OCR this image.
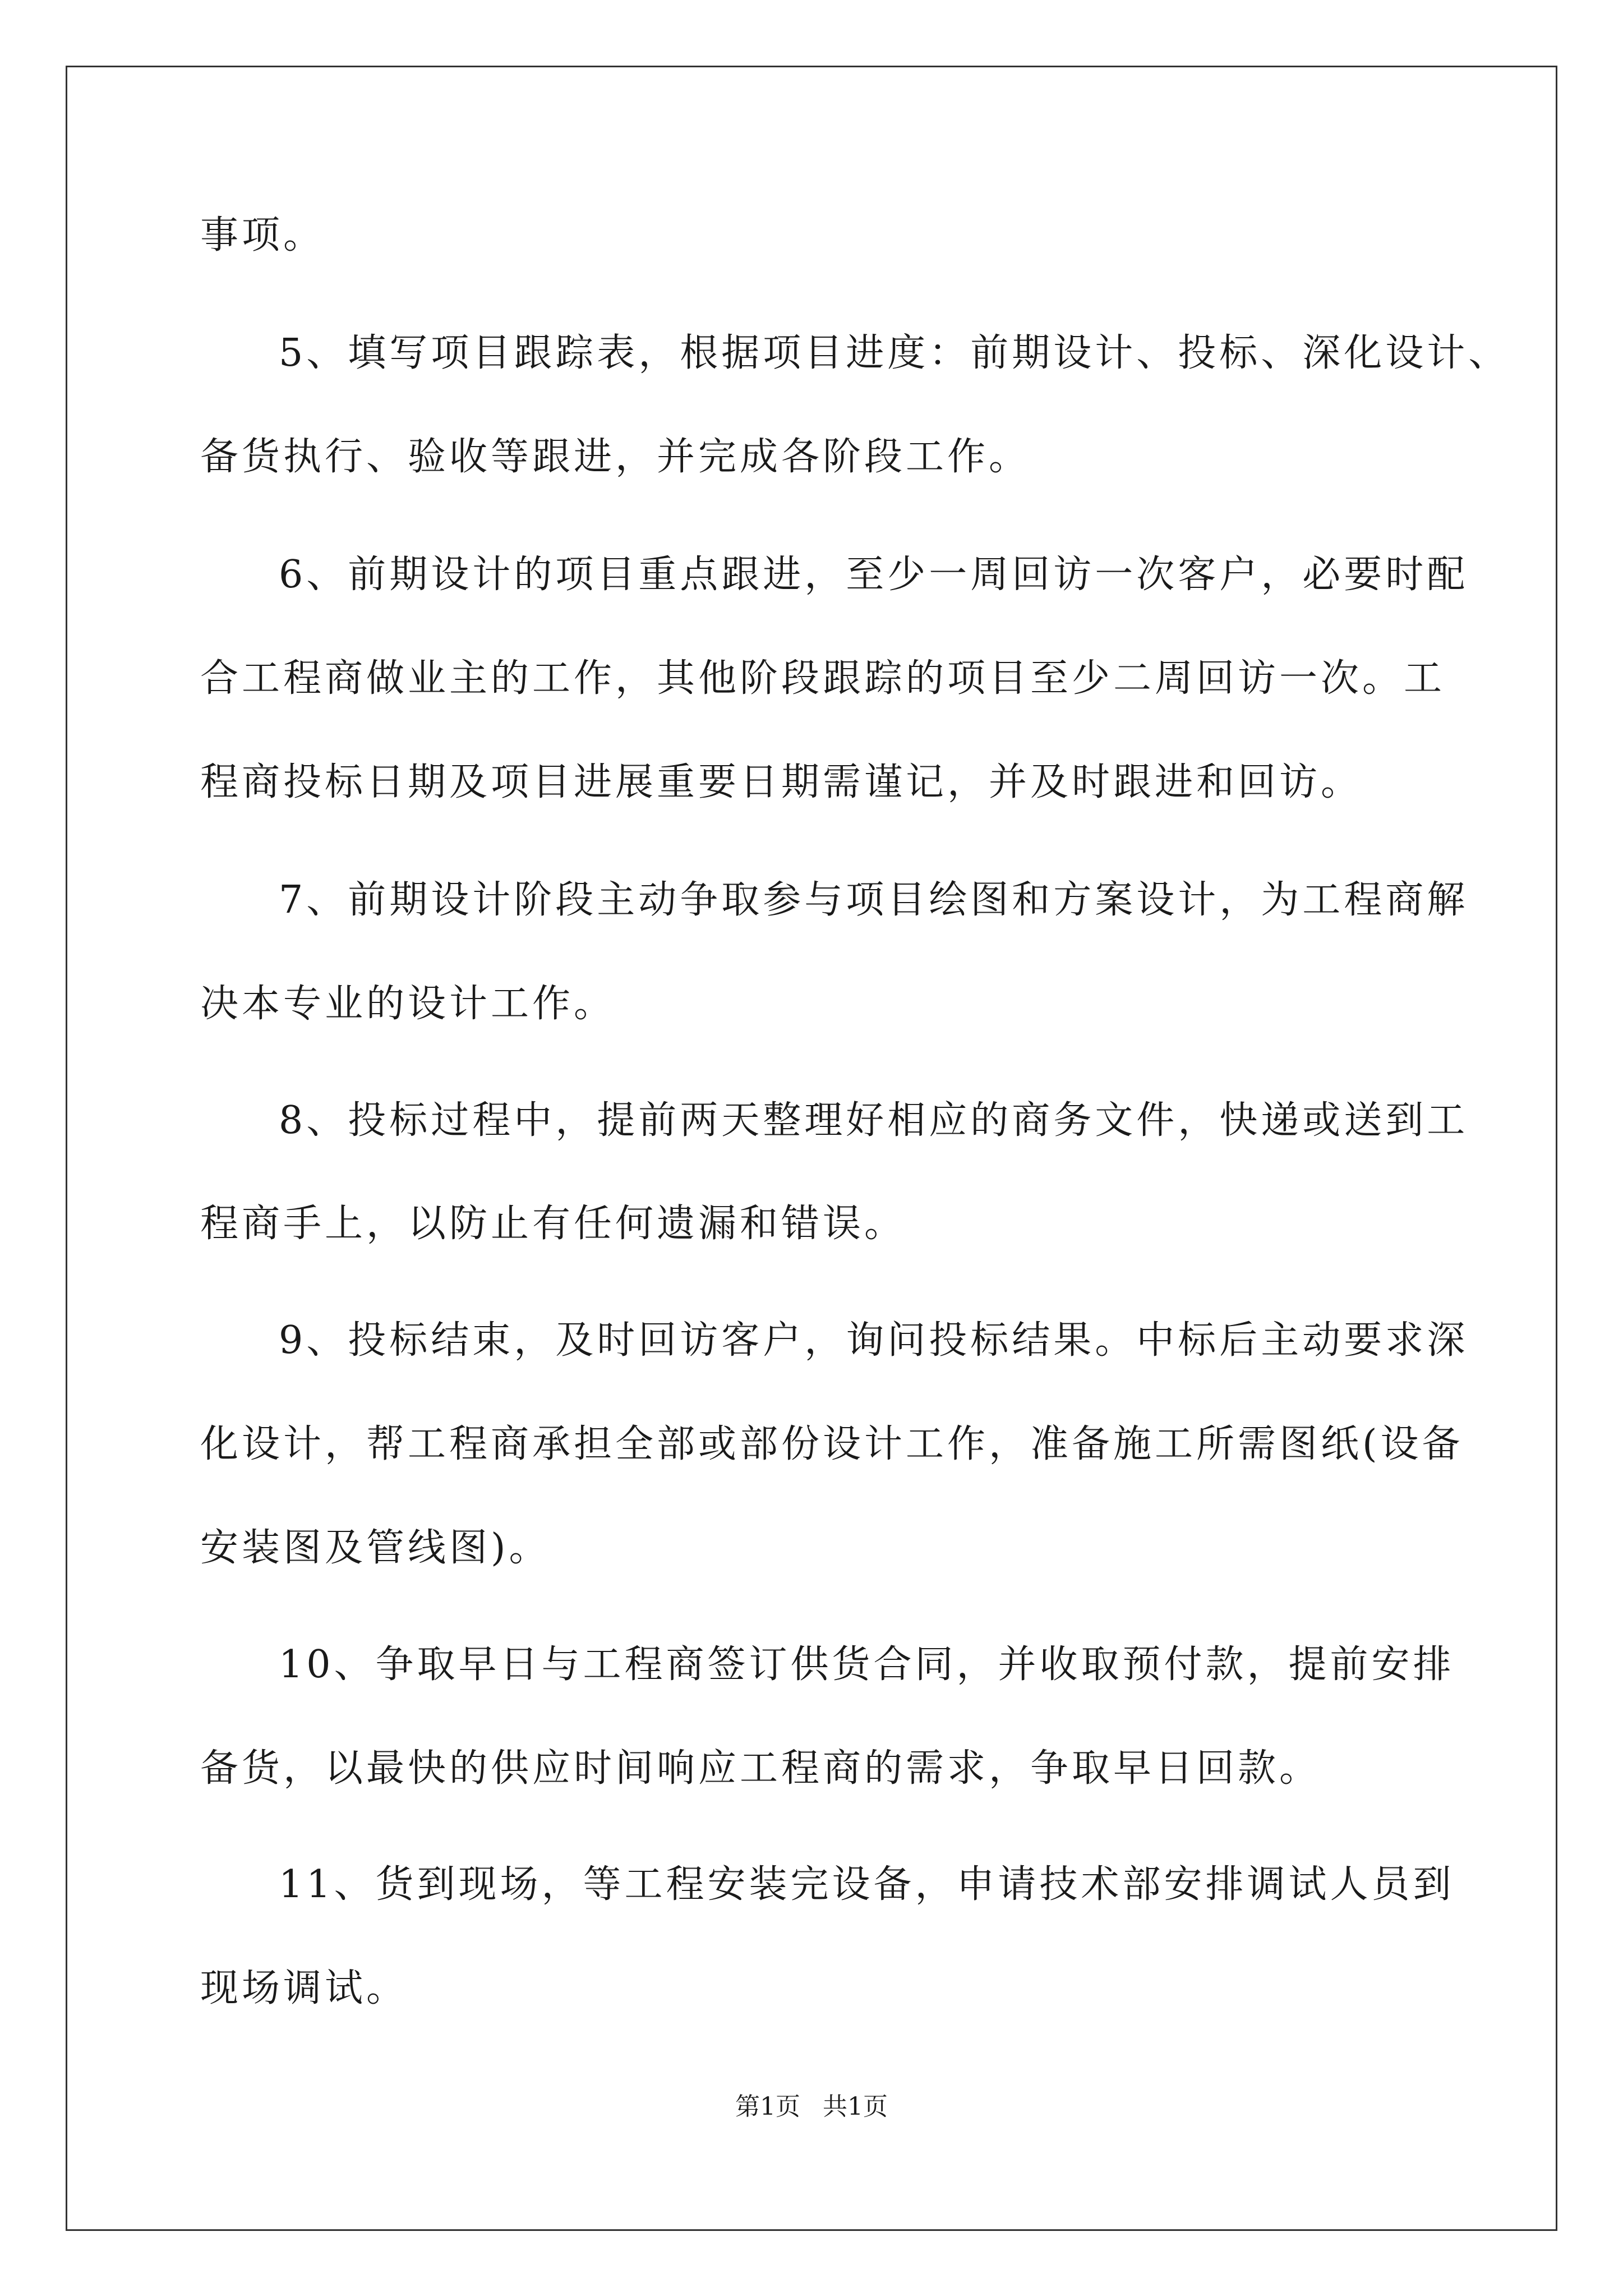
事项。
5、填写项目跟踪表，根据项目进度：前期设计、投标、深化设计、
备货执行、验收等跟进，并完成各阶段工作。
6、前期设计的项目重点跟进，至少一周回访一次客户，必要时配
合工程商做业主的工作，其他阶段跟踪的项目至少二周回访一次。工
程商投标日期及项目进展重要日期需谨记，并及时跟进和回访。
7、前期设计阶段主动争取参与项目绘图和方案设计，为工程商解
决本专业的设计工作。
8、投标过程中，提前两天整理好相应的商务文件，快递或送到工
程商手上，以防止有任何遗漏和错误。
9、投标结束，及时回访客户，询问投标结果。中标后主动要求深
化设计，帮工程商承担全部或部份设计工作，准备施工所需图纸(设备
安装图及管线图)。
10、争取早日与工程商签订供货合同，并收取预付款，提前安排
备货，以最快的供应时间响应工程商的需求，争取早日回款。
11、货到现场，等工程安装完设备，申请技术部安排调试人员到
现场调试。
第1页 共1页
